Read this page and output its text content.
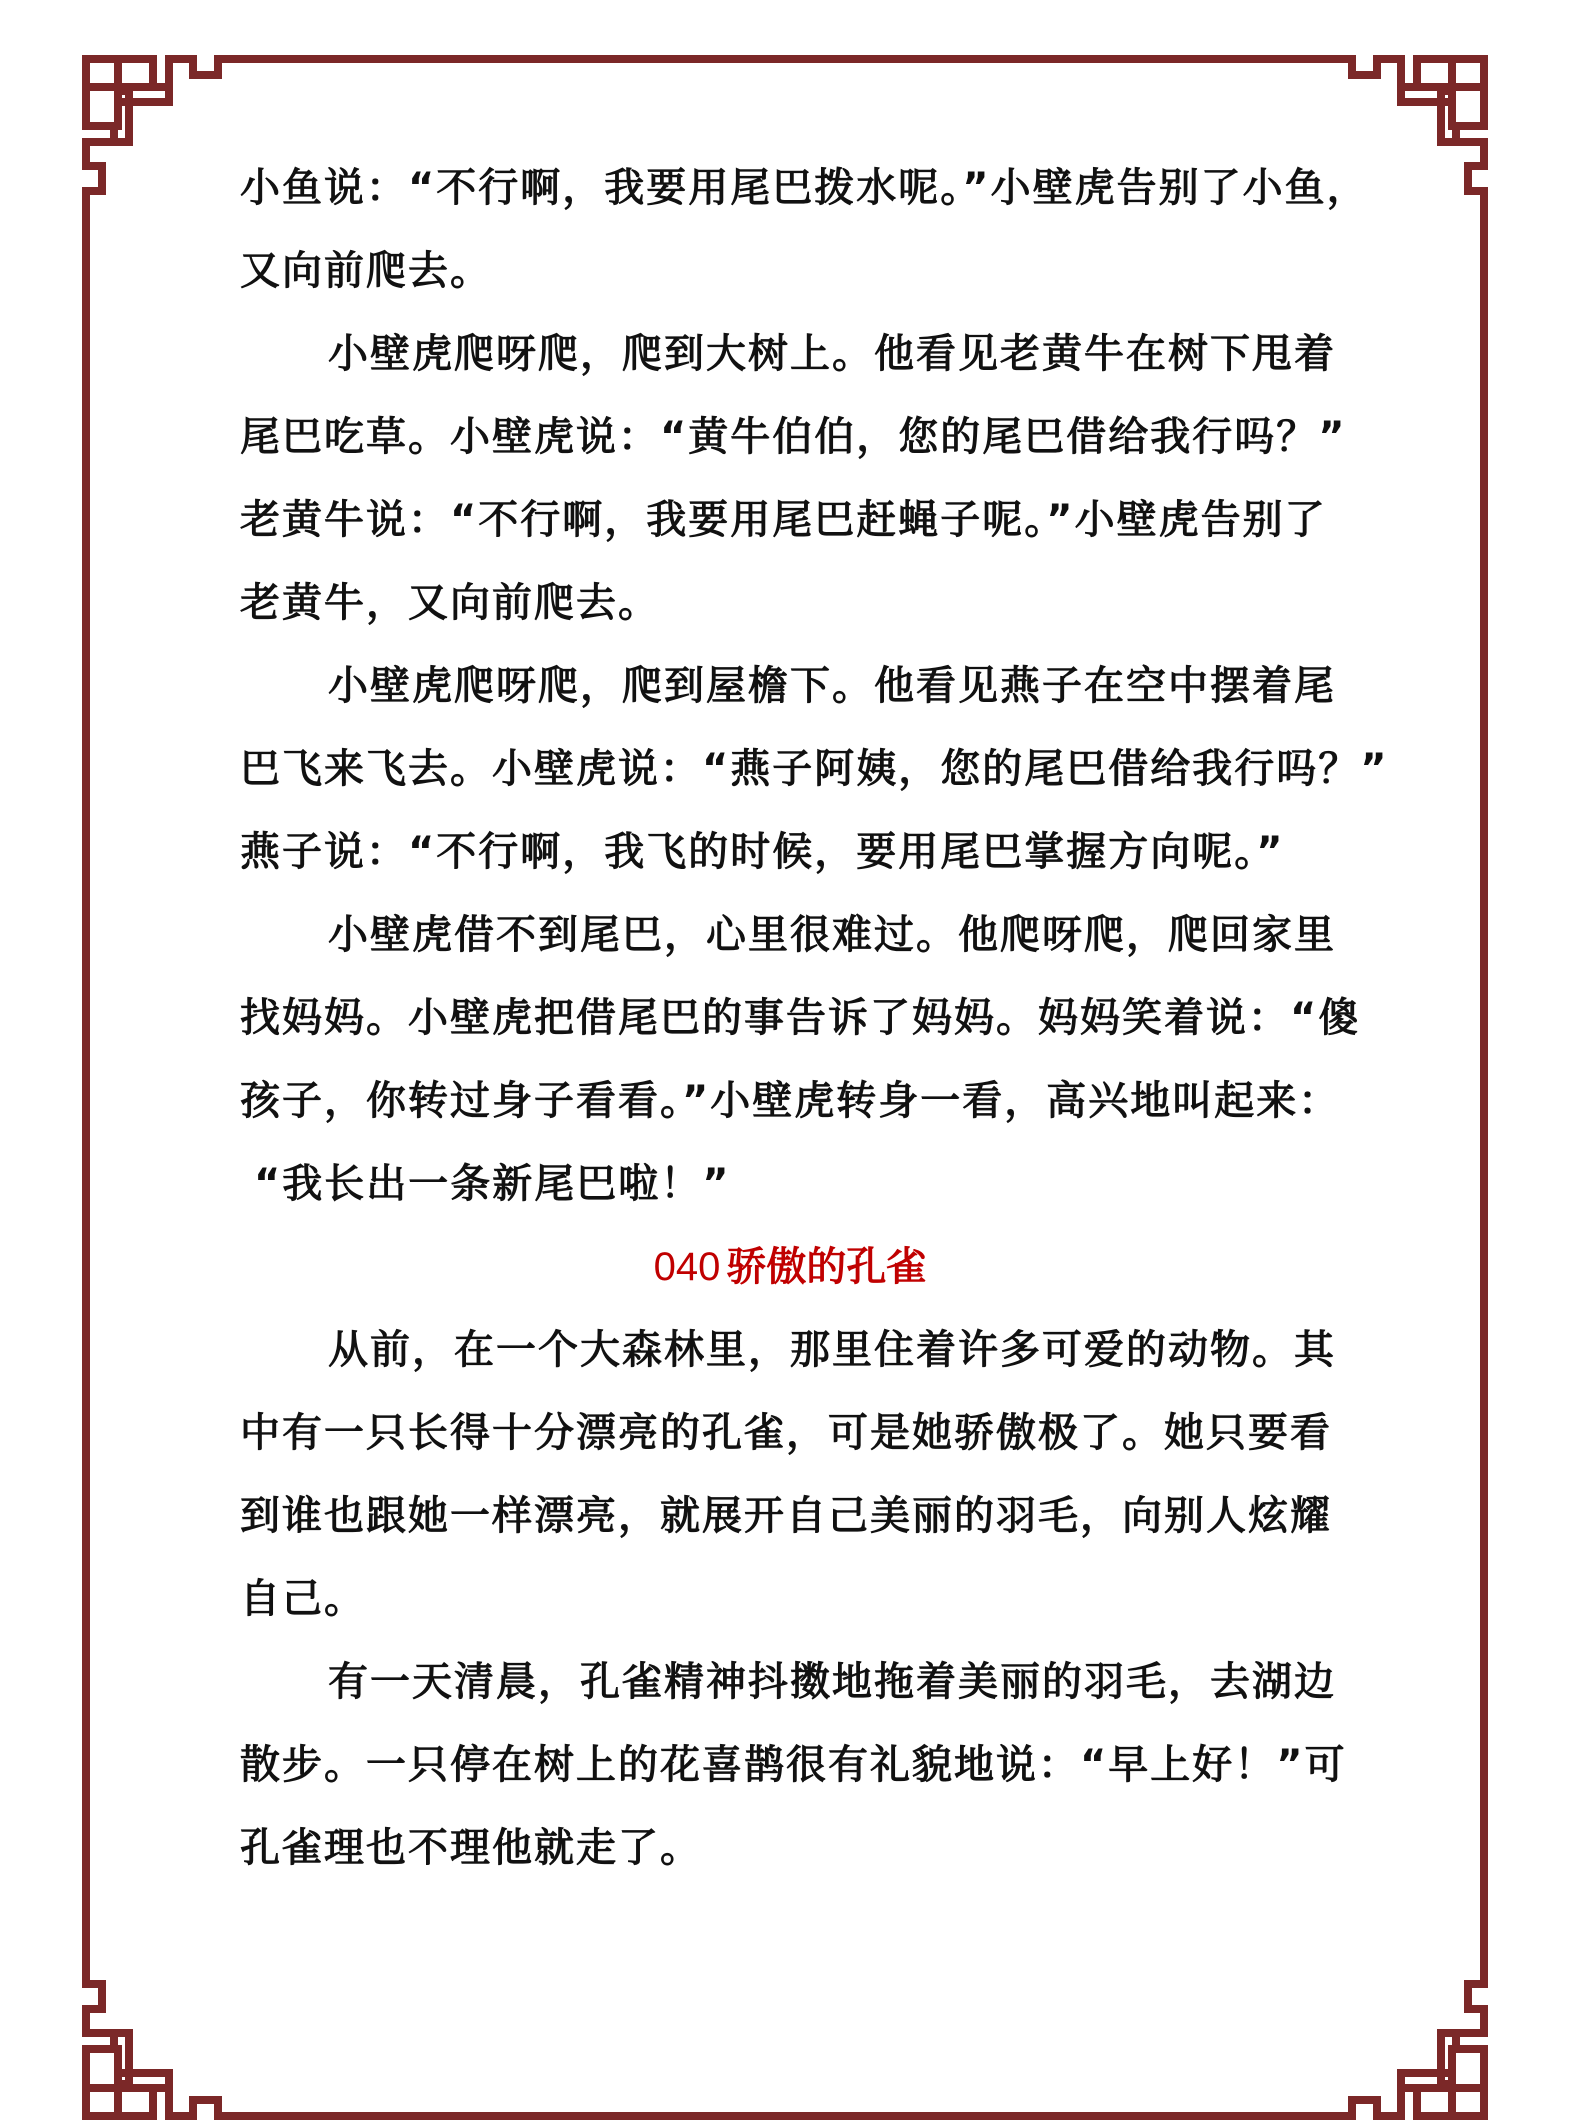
小鱼说：“不行啊，我要用尾巴拨水呢。”小壁虎告别了小鱼，
又向前爬去。
小壁虎爬呀爬，爬到大树上。他看见老黄牛在树下甩着
尾巴吃草。小壁虎说：“黄牛伯伯，您的尾巴借给我行吗？”
老黄牛说：“不行啊，我要用尾巴赶蝇子呢。”小壁虎告别了
老黄牛，又向前爬去。
小壁虎爬呀爬，爬到屋檐下。他看见燕子在空中摆着尾
巴飞来飞去。小壁虎说：“燕子阿姨，您的尾巴借给我行吗？”
燕子说：“不行啊，我飞的时候，要用尾巴掌握方向呢。”
小壁虎借不到尾巴，心里很难过。他爬呀爬，爬回家里
找妈妈。小壁虎把借尾巴的事告诉了妈妈。妈妈笑着说：“傻
孩子，你转过身子看看。”小壁虎转身一看，高兴地叫起来：
“我长出一条新尾巴啦！”
040 骄傲的孔雀
从前，在一个大森林里，那里住着许多可爱的动物。其
中有一只长得十分漂亮的孔雀，可是她骄傲极了。她只要看
到谁也跟她一样漂亮，就展开自己美丽的羽毛，向别人炫耀
自己。
有一天清晨，孔雀精神抖擞地拖着美丽的羽毛，去湖边
散步。一只停在树上的花喜鹊很有礼貌地说：“早上好！”可
孔雀理也不理他就走了。
